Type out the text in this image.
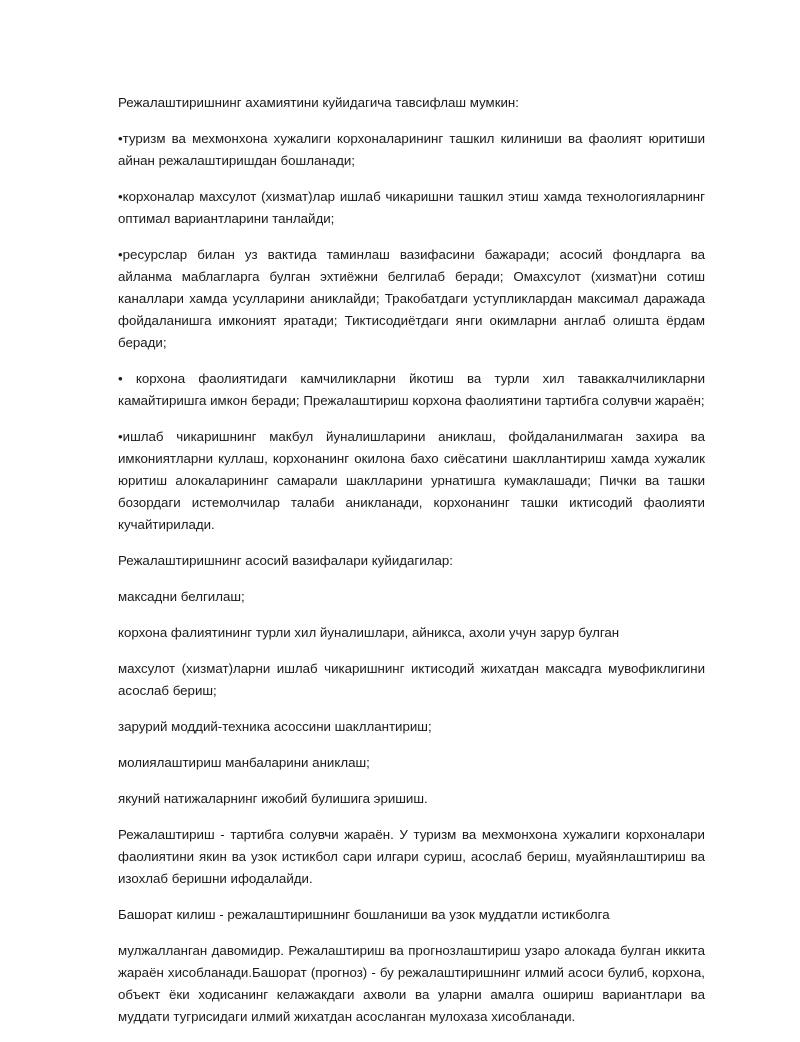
Режалаштиришнинг ахамиятини куйидагича тавсифлаш мумкин:

•туризм ва мехмонхона хужалиги корхоналарининг ташкил килиниши ва фаолият юритиши айнан режалаштиришдан бошланади;

•корхоналар махсулот (хизмат)лар ишлаб чикаришни ташкил этиш хамда технологияларнинг оптимал вариантларини танлайди;

•ресурслар билан уз вактида таминлаш вазифасини бажаради; асосий фондларга ва айланма маблагларга булган эхтиёжни белгилаб беради; Омахсулот (хизмат)ни сотиш каналлари хамда усулларини аниклайди; Тракобатдаги уступликлардан максимал даражада фойдаланишга имконият яратади; Тиктисодиётдаги янги окимларни англаб олишта ёрдам беради;

• корхона фаолиятидаги камчиликларни йкотиш ва турли хил таваккалчиликларни камайтиришга имкон беради; Прежалаштириш корхона фаолиятини тартибга солувчи жараён;

•ишлаб чикаришнинг макбул йуналишларини аниклаш, фойдаланилмаган захира ва имкониятларни куллаш, корхонанинг окилона бахо сиёсатини шакллантириш хамда хужалик юритиш алокаларининг самарали шаклларини урнатишга кумаклашади; Пички ва ташки бозордаги истемолчилар талаби аникланади, корхонанинг ташки иктисодий фаолияти кучайтирилади.

Режалаштиришнинг асосий вазифалари куйидагилар:

максадни белгилаш;

корхона фалиятининг турли хил йуналишлари, айникса, ахоли учун зарур булган

махсулот (хизмат)ларни ишлаб чикаришнинг иктисодий жихатдан максадга мувофиклигини асослаб бериш;

зарурий моддий-техника асоссини шакллантириш;

молиялаштириш манбаларини аниклаш;

якуний натижаларнинг ижобий булишига эришиш.

Режалаштириш - тартибга солувчи жараён. У туризм ва мехмонхона хужалиги корхоналари фаолиятини якин ва узок истикбол сари илгари суриш, асослаб бериш, муайянлаштириш ва изохлаб беришни ифодалайди.

Башорат килиш - режалаштиришнинг бошланиши ва узок муддатли истикболга

мулжалланган давомидир. Режалаштириш ва прогнозлаштириш узаро алокада булган иккита жараён хисобланади.Башорат (прогноз) - бу режалаштиришнинг илмий асоси булиб, корхона, объект ёки ходисанинг келажакдаги ахволи ва уларни амалга ошириш вариантлари ва муддати тугрисидаги илмий жихатдан асосланган мулохаза хисобланади.
